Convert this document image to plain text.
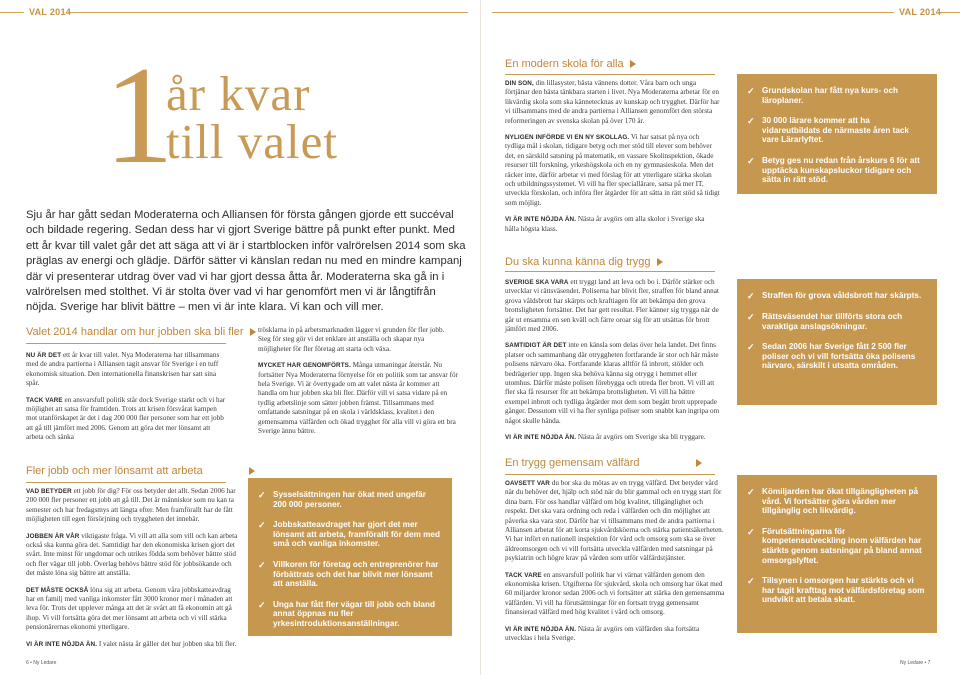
VAL 2014	VAL 2014
1
år kvar
till valet
Sju år har gått sedan Moderaterna och Alliansen för första gången gjorde ett succéval och bildade regering. Sedan dess har vi gjort Sverige bättre på punkt efter punkt. Med ett år kvar till valet går det att säga att vi är i startblocken inför valrörelsen 2014 som ska präglas av energi och glädje. Därför sätter vi känslan redan nu med en mindre kampanj där vi presenterar utdrag över vad vi har gjort dessa åtta år. Moderaterna ska gå in i valrörelsen med stolthet. Vi är stolta över vad vi har genomfört men vi är långtifrån nöjda. Sverige har blivit bättre – men vi är inte klara. Vi kan och vill mer.
Valet 2014 handlar om hur jobben ska bli fler

NU ÄR DET ett år kvar till valet. Nya Moderaterna har tillsammans med de andra partierna i Alliansen tagit ansvar för Sverige i en tuff ekonomisk situation. Den internationella finanskrisen har satt sina spår.

TACK VARE en ansvarsfull politik står dock Sverige starkt och vi har möjlighet att satsa för framtiden. Trots att krisen försvårat kampen mot utanförskapet är det i dag 200 000 fler personer som har ett jobb att gå till jämfört med 2006. Genom att göra det mer lönsamt att arbeta och sänka

trösklarna in på arbetsmarknaden lägger vi grunden för fler jobb. Steg för steg gör vi det enklare att anställa och skapar nya möjligheter för fler företag att starta och växa.

MYCKET HAR GENOMFÖRTS. Många utmaningar återstår. Nu fortsätter Nya Moderaterna förnyelse för en politik som tar ansvar för hela Sverige. Vi är övertygade om att valet nästa år kommer att handla om hur jobben ska bli fler. Därför vill vi satsa vidare på en tydlig arbetslinje som sätter jobben främst. Tillsammans med omfattande satsningar på en skola i världsklass, kvalitet i den gemensamma välfärden och ökad trygghet för alla vill vi göra ett bra Sverige ännu bättre.

Fler jobb och mer lönsamt att arbeta

VAD BETYDER ett jobb för dig? För oss betyder det allt. Sedan 2006 har 200 000 fler personer ett jobb att gå till. Det är människor som nu kan ta semester och har fredagsmys att längta efter. Men framförallt har de fått möjligheten till egen försörjning och tryggheten det innebär.

JOBBEN ÄR VÅR viktigaste fråga. Vi vill att alla som vill och kan arbeta också ska kunna göra det. Samtidigt har den ekonomiska krisen gjort det svårt. Inte minst för ungdomar och utrikes födda som behöver bättre stöd och fler vägar till jobb. Överlag behövs bättre stöd för jobbsökande och det måste löna sig bättre att anställa.

DET MÅSTE OCKSÅ löna sig att arbeta. Genom våra jobbskatteavdrag har en familj med vanliga inkomster fått 3000 kronor mer i månaden att leva för. Trots det upplever många att det är svårt att få ekonomin att gå ihop. Vi vill fortsätta göra det mer lönsamt att arbeta och vi vill stärka pensionärernas ekonomi ytterligare.

VI ÄR INTE NÖJDA ÄN. I valet nästa år gäller det hur jobben ska bli fler.

✓ Sysselsättningen har ökat med ungefär 200 000 personer.
✓ Jobbskatteavdraget har gjort det mer lönsamt att arbeta, framförallt för dem med små och vanliga inkomster.
✓ Villkoren för företag och entreprenörer har förbättrats och det har blivit mer lönsamt att anställa.
✓ Unga har fått fler vägar till jobb och bland annat öppnas nu fler yrkesintroduktionsanställningar.
En modern skola för alla

DIN SON, din lillasyster, bästa vännens dotter. Våra barn och unga förtjänar den bästa tänkbara starten i livet. Nya Moderaterna arbetar för en likvärdig skola som ska kännetecknas av kunskap och trygghet. Därför har vi tillsammans med de andra partierna i Alliansen genomfört den största reformeringen av svenska skolan på över 170 år.

NYLIGEN INFÖRDE VI EN NY SKOLLAG. Vi har satsat på nya och tydliga mål i skolan, tidigare betyg och mer stöd till elever som behöver det, en särskild satsning på matematik, en vassare Skolinspektion, ökade resurser till forskning, yrkeshögskola och en ny gymnasieskola. Men det räcker inte, därför arbetar vi med förslag för att ytterligare stärka skolan och utbildningssystemet. Vi vill ha fler speciallärare, satsa på mer IT, utveckla förskolan, och införa fler åtgärder för att sätta in rätt stöd så tidigt som möjligt.

VI ÄR INTE NÖJDA ÄN. Nästa år avgörs om alla skolor i Sverige ska hålla högsta klass.

✓ Grundskolan har fått nya kurs- och läroplaner.
✓ 30 000 lärare kommer att ha vidareutbildats de närmaste åren tack vare Lärarlyftet.
✓ Betyg ges nu redan från årskurs 6 för att upptäcka kunskapsluckor tidigare och sätta in rätt stöd.
Du ska kunna känna dig trygg

SVERIGE SKA VARA ett tryggt land att leva och bo i. Därför stärker och utvecklar vi rättsväsendet. Poliserna har blivit fler, straffen för bland annat grova våldsbrott har skärpts och kraftiagen för att bekämpa den grova brottsligheten fortsätter. Det har gett resultat. Fler känner sig trygga när de går ut ensamma en sen kväll och färre oroar sig för att utsättas för brott jämfört med 2006.

SAMTIDIGT ÄR DET inte en känsla som delas över hela landet. Det finns platser och sammanhang där otryggheten fortfarande är stor och här måste polisens närvaro öka. Fortfarande klaras alltför få inbrott, stölder och bedrägerier upp. Ingen ska behöva känna sig otrygg i hemmet eller utomhus. Därför måste polisen förebygga och utreda fler brott. Vi vill att fler ska få resurser för att bekämpa brottsligheten. Vi vill ha bättre exempel inbrott och tydliga åtgärder mot dem som begått brott upprepade gånger. Dessutom vill vi ha fler synliga poliser som snabbt kan ingripa om något skulle hända.

VI ÄR INTE NÖJDA ÄN. Nästa år avgörs om Sverige ska bli tryggare.

✓ Straffen för grova våldsbrott har skärpts.
✓ Rättsväsendet har tillförts stora och varaktiga anslagsökningar.
✓ Sedan 2006 har Sverige fått 2 500 fler poliser och vi vill fortsätta öka polisens närvaro, särskilt i utsatta områden.
En trygg gemensam välfärd

OAVSETT VAR du bor ska du mötas av en trygg välfärd. Det betyder vård när du behöver det, hjälp och stöd när du blir gammal och en trygg start för dina barn. För oss handlar välfärd om hög kvalitet, tillgänglighet och respekt. Det ska vara ordning och reda i välfärden och din möjlighet att påverka ska vara stor. Därför har vi tillsammans med de andra partierna i Alliansen arbetat för att korta sjukvårdsköerna och stärka patientsäkerheten. Vi har infört en nationell inspektion för vård och omsorg som ska se över äldreomsorgen och vi vill fortsätta utveckla välfärden med satsningar på psykiatrin och högre krav på vården som utför välfärdstjänster.

TACK VARE en ansvarsfull politik har vi värnat välfärden genom den ekonomiska krisen. Utgifterna för sjukvård, skola och omsorg har ökat med 60 miljarder kronor sedan 2006 och vi fortsätter att stärka den gemensamma välfärden. Vi vill ha förutsättningar för en fortsatt trygg gemensamt finansierad välfärd med hög kvalitet i vård och omsorg.

VI ÄR INTE NÖJDA ÄN. Nästa år avgörs om välfärden ska fortsätta utvecklas i hela Sverige.

✓ Kömiljarden har ökat tillgängligheten på vård. Vi fortsätter göra vården mer tillgänglig och likvärdig.
✓ Förutsättningarna för kompetensutveckling inom välfärden har stärkts genom satsningar på bland annat omsorgslyftet.
✓ Tillsynen i omsorgen har stärkts och vi har tagit krafttag mot välfärdsföretag som undvikit att betala skatt.
6 • Ny Ledare	Ny Ledare • 7
